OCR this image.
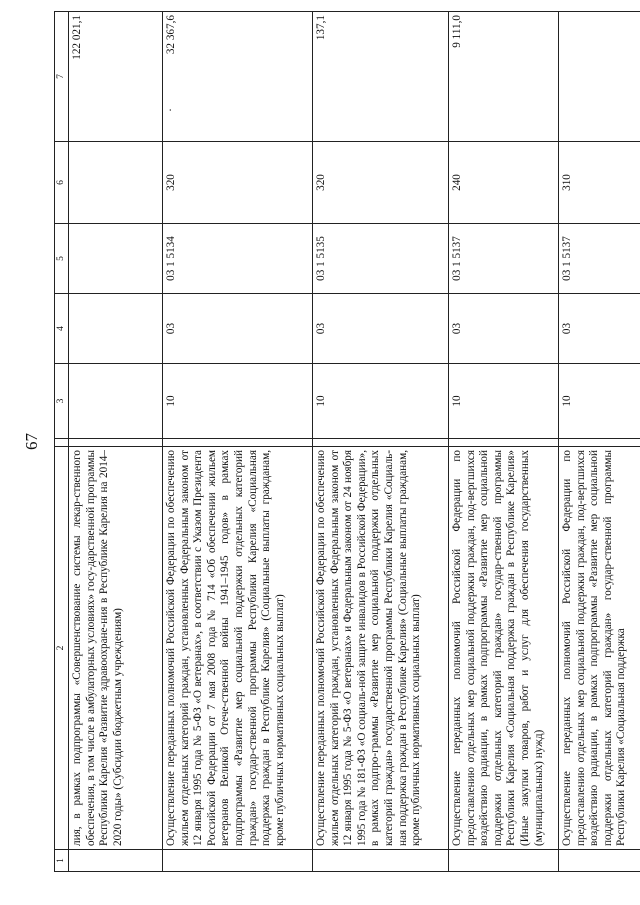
67
1	2		3	4	5	6	7
	лия, в рамках подпрограммы «Совершенствование системы лекар-ственного обеспечения, в том числе в амбулаторных условиях» госу-дарственной программы Республики Карелия «Развитие здравоохране-ния в Республике Карелия на 2014–2020 годы» (Субсидии бюджетным учреждениям)						122 021,1
	Осуществление переданных полномочий Российской Федерации по обеспечению жильем отдельных категорий граждан, установленных Федеральным законом от 12 января 1995 года № 5-ФЗ «О ветеранах», в соответствии с Указом Президента Российской Федерации от 7 мая 2008 года № 714 «Об обеспечении жильем ветеранов Великой Отече-ственной войны 1941–1945 годов» в рамках подпрограммы «Развитие мер социальной поддержки отдельных категорий граждан» государ-ственной программы Республики Карелия «Социальная поддержка граждан в Республике Карелия» (Социальные выплаты гражданам, кроме публичных нормативных социальных выплат)		10	03	03 1 5134	320	·32 367,6
	Осуществление переданных полномочий Российской Федерации по обеспечению жильем отдельных категорий граждан, установленных Федеральным законом от 12 января 1995 года № 5-ФЗ «О ветеранах» и Федеральным законом от 24 ноября 1995 года № 181-ФЗ «О социаль-ной защите инвалидов в Российской Федерации», в рамках подпро-граммы «Развитие мер социальной поддержки отдельных категорий граждан» государственной программы Республики Карелия «Социаль-ная поддержка граждан в Республике Карелия» (Социальные выплаты гражданам, кроме публичных нормативных социальных выплат)		10	03	03 1 5135	320	137,1
	Осуществление переданных полномочий Российской Федерации по предоставлению отдельных мер социальной поддержки граждан, под-вергшихся воздействию радиации, в рамках подпрограммы «Развитие мер социальной поддержки отдельных категорий граждан» государ-ственной программы Республики Карелия «Социальная поддержка граждан в Республике Карелия» (Иные закупки товаров, работ и услуг для обеспечения государственных (муниципальных) нужд)		10	03	03 1 5137	240	9 111,0
	Осуществление переданных полномочий Российской Федерации по предоставлению отдельных мер социальной поддержки граждан, под-вергшихся воздействию радиации, в рамках подпрограммы «Развитие мер социальной поддержки отдельных категорий граждан» государ-ственной программы Республики Карелия «Социальная поддержка		10	03	03 1 5137	310	
